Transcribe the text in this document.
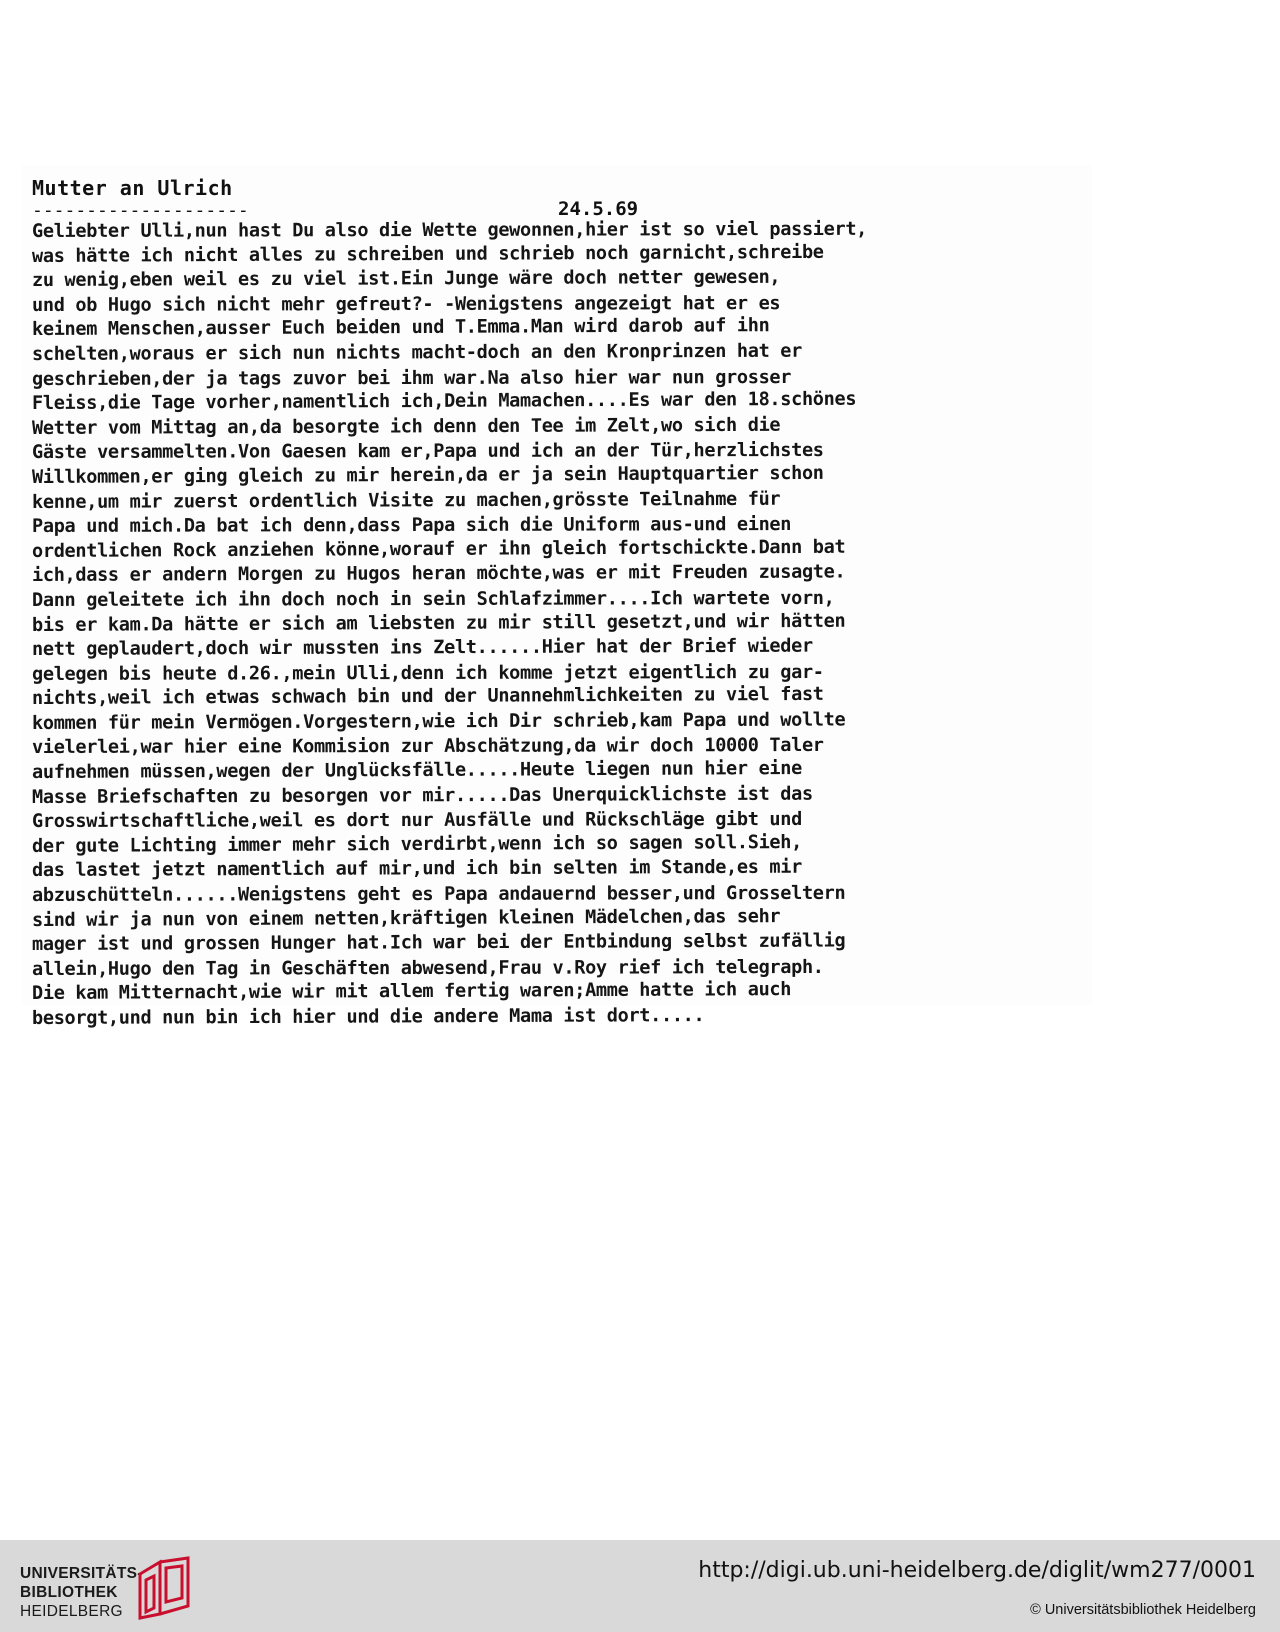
Mutter an Ulrich
--------------------	24.5.69
Geliebter Ulli,nun hast Du also die Wette gewonnen,hier ist so viel passiert,
was hätte ich nicht alles zu schreiben und schrieb noch garnicht,schreibe
zu wenig,eben weil es zu viel ist.Ein Junge wäre doch netter gewesen,
und ob Hugo sich nicht mehr gefreut?- -Wenigstens angezeigt hat er es
keinem Menschen,ausser Euch beiden und T.Emma.Man wird darob auf ihn
schelten,woraus er sich nun nichts macht-doch an den Kronprinzen hat er
geschrieben,der ja tags zuvor bei ihm war.Na also hier war nun grosser
Fleiss,die Tage vorher,namentlich ich,Dein Mamachen....Es war den 18.schönes
Wetter vom Mittag an,da besorgte ich denn den Tee im Zelt,wo sich die
Gäste versammelten.Von Gaesen kam er,Papa und ich an der Tür,herzlichstes
Willkommen,er ging gleich zu mir herein,da er ja sein Hauptquartier schon
kenne,um mir zuerst ordentlich Visite zu machen,grösste Teilnahme für
Papa und mich.Da bat ich denn,dass Papa sich die Uniform aus-und einen
ordentlichen Rock anziehen könne,worauf er ihn gleich fortschickte.Dann bat
ich,dass er andern Morgen zu Hugos heran möchte,was er mit Freuden zusagte.
Dann geleitete ich ihn doch noch in sein Schlafzimmer....Ich wartete vorn,
bis er kam.Da hätte er sich am liebsten zu mir still gesetzt,und wir hätten
nett geplaudert,doch wir mussten ins Zelt......Hier hat der Brief wieder
gelegen bis heute d.26.,mein Ulli,denn ich komme jetzt eigentlich zu gar-
nichts,weil ich etwas schwach bin und der Unannehmlichkeiten zu viel fast
kommen für mein Vermögen.Vorgestern,wie ich Dir schrieb,kam Papa und wollte
vielerlei,war hier eine Kommision zur Abschätzung,da wir doch 10000 Taler
aufnehmen müssen,wegen der Unglücksfälle.....Heute liegen nun hier eine
Masse Briefschaften zu besorgen vor mir.....Das Unerquicklichste ist das
Grosswirtschaftliche,weil es dort nur Ausfälle und Rückschläge gibt und
der gute Lichting immer mehr sich verdirbt,wenn ich so sagen soll.Sieh,
das lastet jetzt namentlich auf mir,und ich bin selten im Stande,es mir
abzuschütteln......Wenigstens geht es Papa andauernd besser,und Grosseltern
sind wir ja nun von einem netten,kräftigen kleinen Mädelchen,das sehr
mager ist und grossen Hunger hat.Ich war bei der Entbindung selbst zufällig
allein,Hugo den Tag in Geschäften abwesend,Frau v.Roy rief ich telegraph.
Die kam Mitternacht,wie wir mit allem fertig waren;Amme hatte ich auch
besorgt,und nun bin ich hier und die andere Mama ist dort.....
UNIVERSITÄTS-
BIBLIOTHEK
HEIDELBERG
http://digi.ub.uni-heidelberg.de/diglit/wm277/0001
© Universitätsbibliothek Heidelberg
